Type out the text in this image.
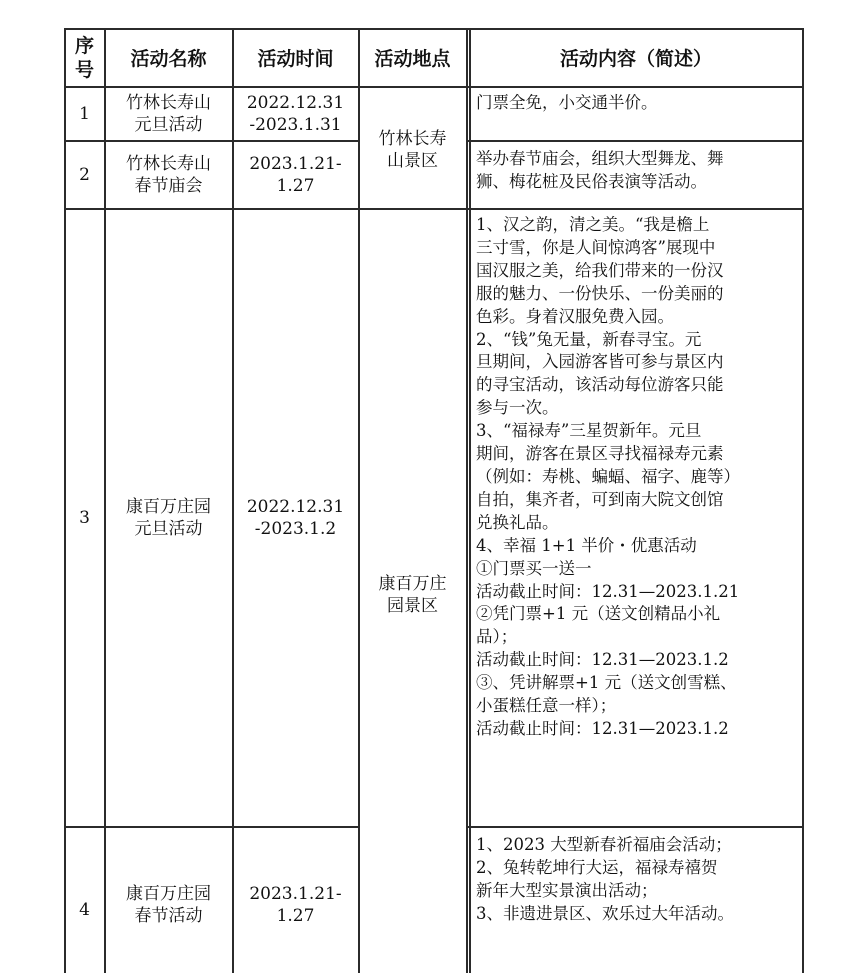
序号 活动名称	活动时间 活动地点	活动内容（简述）
1
竹林长寿山
元旦活动
2022.12.31
-2023.1.31
门票全免，小交通半价。
2
竹林长寿山
春节庙会
2023.1.21-
1.27
举办春节庙会，组织大型舞龙、舞
狮、梅花桩及民俗表演等活动。
竹林长寿
山景区
3
康百万庄园
元旦活动
2022.12.31
-2023.1.2
1、汉之韵，清之美。“我是檐上
三寸雪，你是人间惊鸿客”展现中
国汉服之美，给我们带来的一份汉
服的魅力、一份快乐、一份美丽的
色彩。身着汉服免费入园。
2、“钱”兔无量，新春寻宝。元
旦期间，入园游客皆可参与景区内
的寻宝活动，该活动每位游客只能
参与一次。
3、“福禄寿”三星贺新年。元旦
期间，游客在景区寻找福禄寿元素
（例如：寿桃、蝙蝠、福字、鹿等）
自拍，集齐者，可到南大院文创馆
兑换礼品。
4、幸福 1+1 半价・优惠活动
①门票买一送一
活动截止时间：12.31—2023.1.21
②凭门票+1 元（送文创精品小礼
品）；
活动截止时间：12.31—2023.1.2
③、凭讲解票+1 元（送文创雪糕、
小蛋糕任意一样）；
活动截止时间：12.31—2023.1.2
康百万庄
园景区
4
康百万庄园
春节活动
2023.1.21-
1.27
1、2023 大型新春祈福庙会活动；
2、兔转乾坤行大运，福禄寿禧贺
新年大型实景演出活动；
3、非遗进景区、欢乐过大年活动。
